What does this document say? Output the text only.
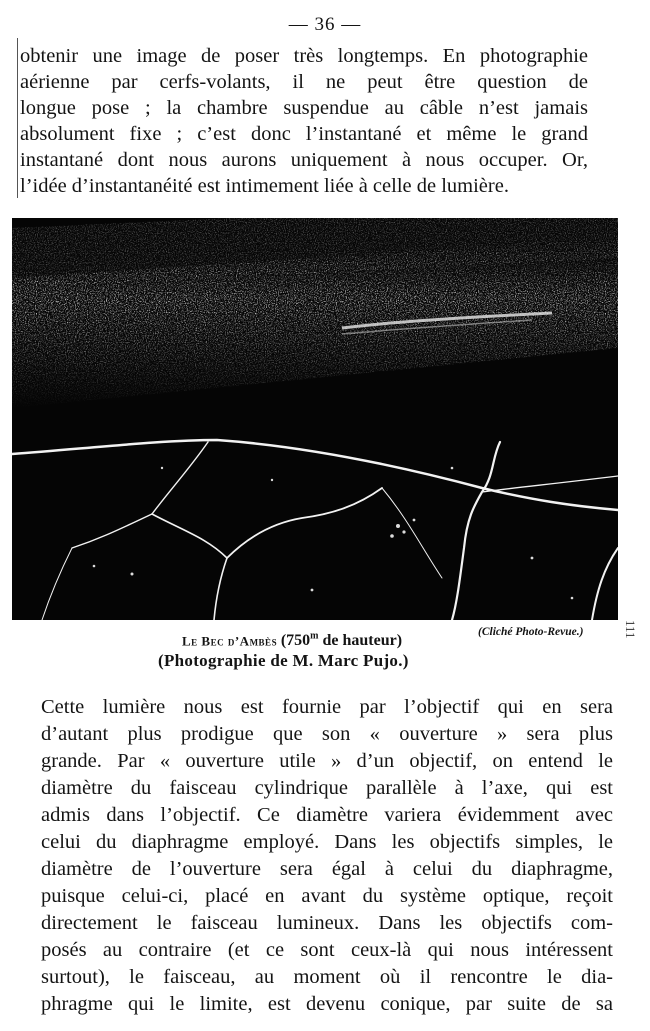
— 36 —

obtenir une image de poser très longtemps. En photographie
aérienne par cerfs-volants, il ne peut être question de
longue pose ; la chambre suspendue au câble n’est jamais
absolument fixe ; c’est donc l’instantané et même le grand
instantané dont nous aurons uniquement à nous occuper. Or,
l’idée d’instantanéité est intimement liée à celle de lumière.

Le Bec d’Ambès (750$^m$ de hauteur)
(Cliché Photo-Revue.)
(Photographie de M. Marc Pujo.)
111

Cette lumière nous est fournie par l’objectif qui en sera
d’autant plus prodigue que son « ouverture » sera plus
grande. Par « ouverture utile » d’un objectif, on entend le
diamètre du faisceau cylindrique parallèle à l’axe, qui est
admis dans l’objectif. Ce diamètre variera évidemment avec
celui du diaphragme employé. Dans les objectifs simples, le
diamètre de l’ouverture sera égal à celui du diaphragme,
puisque celui-ci, placé en avant du système optique, reçoit
directement le faisceau lumineux. Dans les objectifs com-
posés au contraire (et ce sont ceux-là qui nous intéressent
surtout), le faisceau, au moment où il rencontre le dia-
phragme qui le limite, est devenu conique, par suite de sa
